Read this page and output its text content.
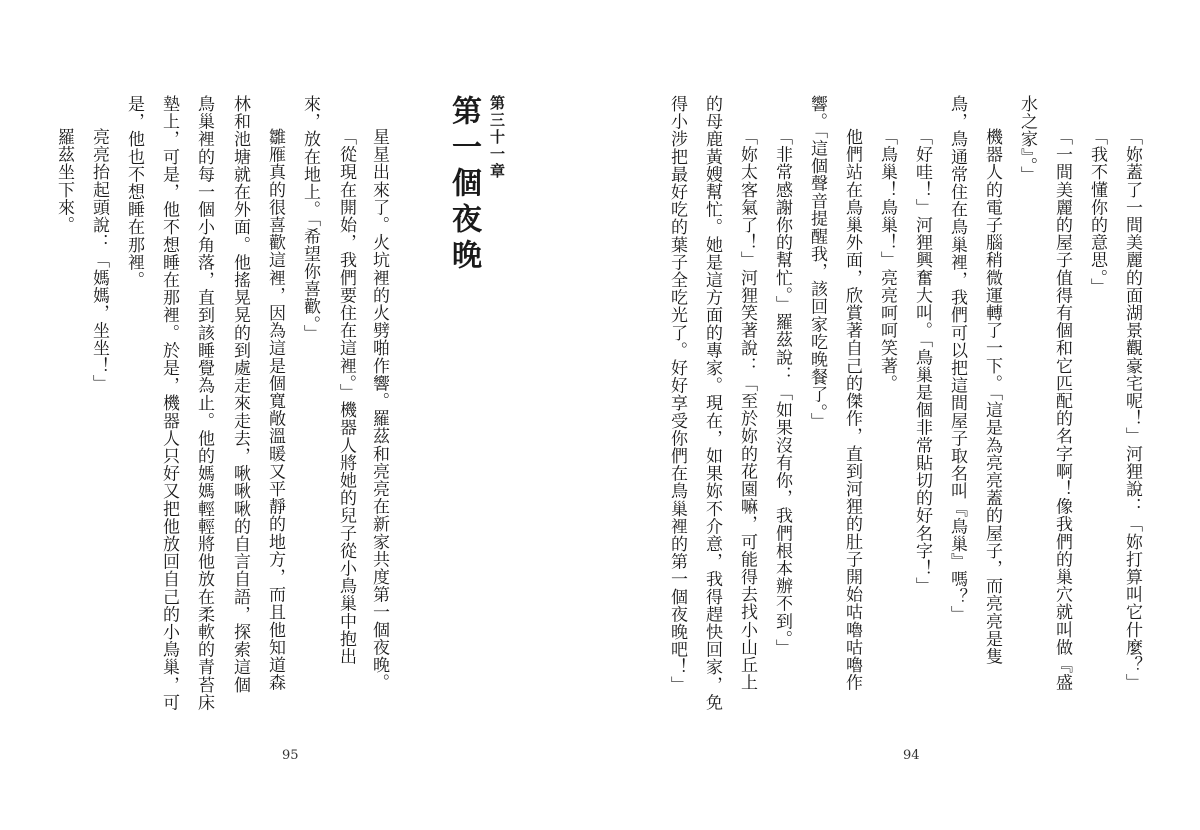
第三十一章
第一個夜晚
星星出來了。火坑裡的火劈啪作響。羅茲和亮亮在新家共度第一個夜晚。
「從現在開始，我們要住在這裡。」機器人將她的兒子從小鳥巢中抱出
來，放在地上。「希望你喜歡。」
雛雁真的很喜歡這裡，因為這是個寬敞溫暖又平靜的地方，而且他知道森
林和池塘就在外面。他搖晃晃的到處走來走去，啾啾啾的自言自語，探索這個
鳥巢裡的每一個小角落，直到該睡覺為止。他的媽媽輕輕將他放在柔軟的青苔床
墊上，可是，他不想睡在那裡。於是，機器人只好又把他放回自己的小鳥巢，可
是，他也不想睡在那裡。
亮亮抬起頭說：「媽媽，坐坐！」
羅茲坐下來。
95
「妳蓋了一間美麗的面湖景觀豪宅呢！」河狸說：「妳打算叫它什麼？」
「我不懂你的意思。」
「一間美麗的屋子值得有個和它匹配的名字啊！像我們的巢穴就叫做『盛
水之家』。」
機器人的電子腦稍微運轉了一下。「這是為亮亮蓋的屋子，而亮亮是隻
鳥，鳥通常住在鳥巢裡，我們可以把這間屋子取名叫『鳥巢』嗎？」
「好哇！」河狸興奮大叫。「鳥巢是個非常貼切的好名字！」
「鳥巢！鳥巢！」亮亮呵呵笑著。
他們站在鳥巢外面，欣賞著自己的傑作，直到河狸的肚子開始咕嚕咕嚕作
響。「這個聲音提醒我，該回家吃晚餐了。」
「非常感謝你的幫忙。」羅茲說：「如果沒有你，我們根本辦不到。」
「妳太客氣了！」河狸笑著說：「至於妳的花園嘛，可能得去找小山丘上
的母鹿黃嫂幫忙。她是這方面的專家。現在，如果妳不介意，我得趕快回家，免
得小涉把最好吃的葉子全吃光了。好好享受你們在鳥巢裡的第一個夜晚吧！」
94
